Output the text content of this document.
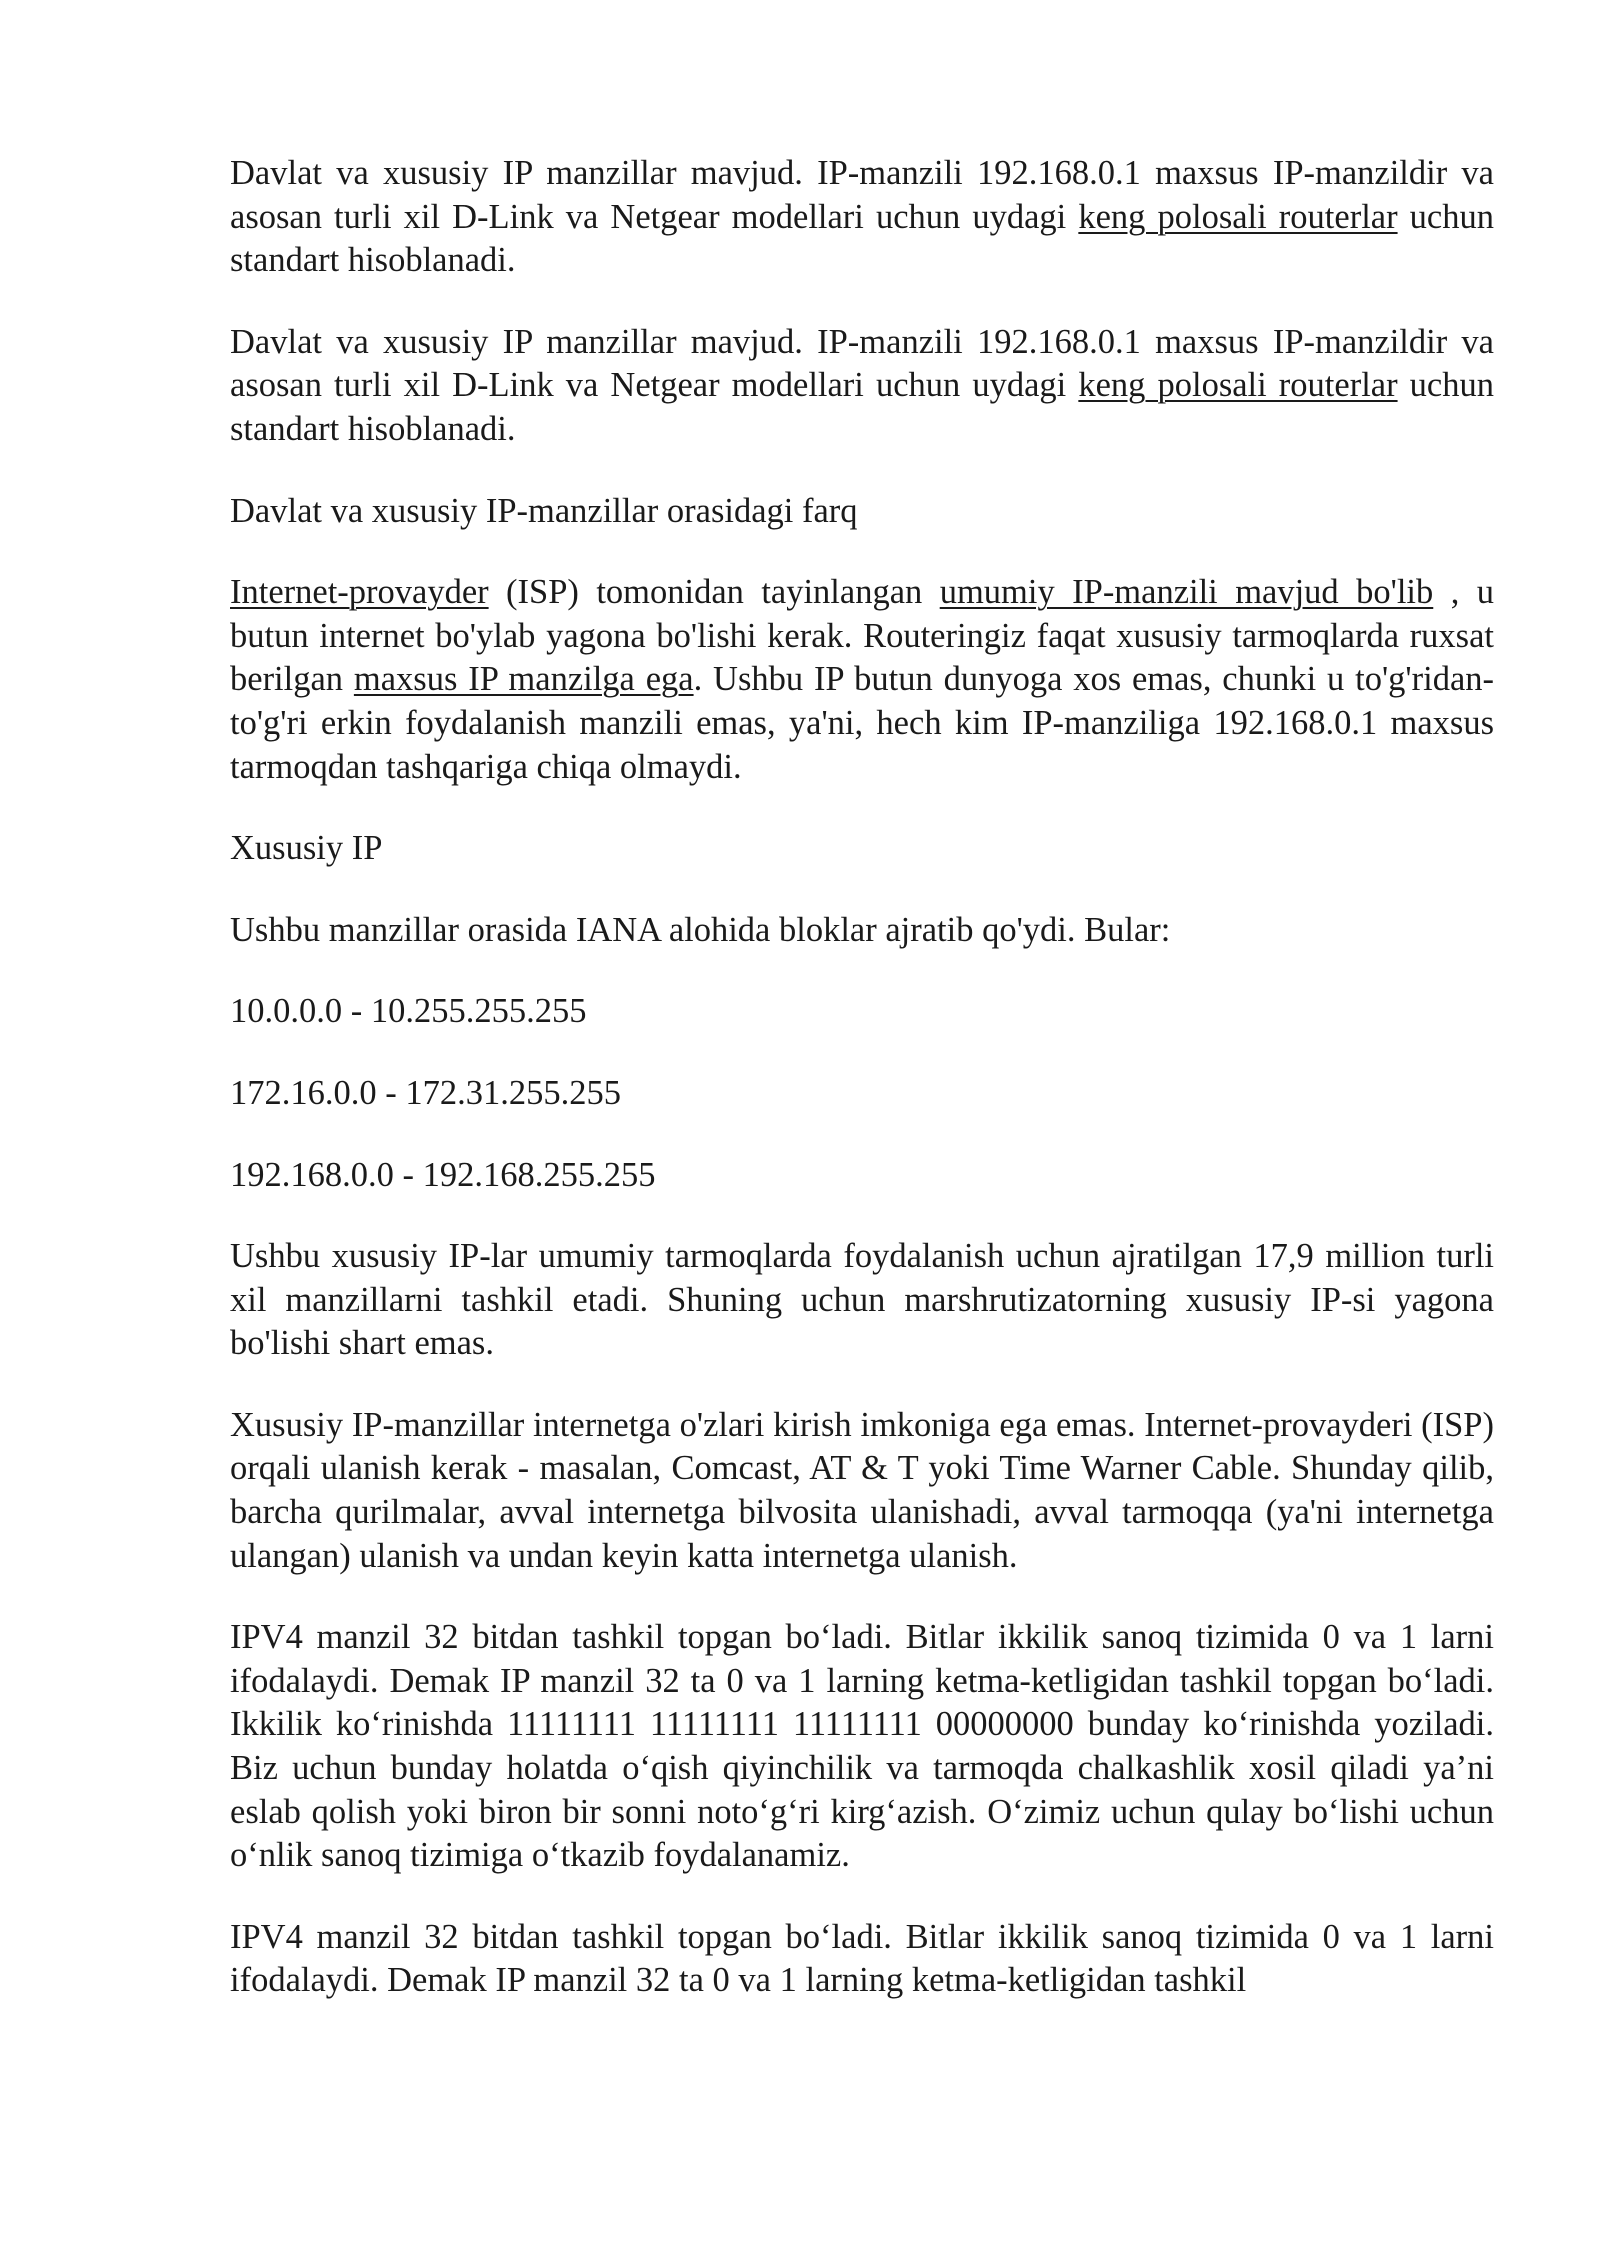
Davlat va xususiy IP manzillar mavjud. IP-manzili 192.168.0.1 maxsus IP-manzildir va asosan turli xil D-Link va Netgear modellari uchun uydagi keng polosali routerlar uchun standart hisoblanadi.

Davlat va xususiy IP manzillar mavjud. IP-manzili 192.168.0.1 maxsus IP-manzildir va asosan turli xil D-Link va Netgear modellari uchun uydagi keng polosali routerlar uchun standart hisoblanadi.

Davlat va xususiy IP-manzillar orasidagi farq

Internet-provayder (ISP) tomonidan tayinlangan umumiy IP-manzili mavjud bo'lib , u butun internet bo'ylab yagona bo'lishi kerak. Routeringiz faqat xususiy tarmoqlarda ruxsat berilgan maxsus IP manzilga ega. Ushbu IP butun dunyoga xos emas, chunki u to'g'ridan-to'g'ri erkin foydalanish manzili emas, ya'ni, hech kim IP-manziliga 192.168.0.1 maxsus tarmoqdan tashqariga chiqa olmaydi.

Xususiy IP

Ushbu manzillar orasida IANA alohida bloklar ajratib qo'ydi. Bular:

10.0.0.0 - 10.255.255.255

172.16.0.0 - 172.31.255.255

192.168.0.0 - 192.168.255.255

Ushbu xususiy IP-lar umumiy tarmoqlarda foydalanish uchun ajratilgan 17,9 million turli xil manzillarni tashkil etadi. Shuning uchun marshrutizatorning xususiy IP-si yagona bo'lishi shart emas.

Xususiy IP-manzillar internetga o'zlari kirish imkoniga ega emas. Internet-provayderi (ISP) orqali ulanish kerak - masalan, Comcast, AT & T yoki Time Warner Cable. Shunday qilib, barcha qurilmalar, avval internetga bilvosita ulanishadi, avval tarmoqqa (ya'ni internetga ulangan) ulanish va undan keyin katta internetga ulanish.

IPV4 manzil 32 bitdan tashkil topgan bo‘ladi. Bitlar ikkilik sanoq tizimida 0 va 1 larni ifodalaydi. Demak IP manzil 32 ta 0 va 1 larning ketma-ketligidan tashkil topgan bo‘ladi. Ikkilik ko‘rinishda 11111111 11111111 11111111 00000000 bunday ko‘rinishda yoziladi. Biz uchun bunday holatda o‘qish qiyinchilik va tarmoqda chalkashlik xosil qiladi ya’ni eslab qolish yoki biron bir sonni noto‘g‘ri kirg‘azish. O‘zimiz uchun qulay bo‘lishi uchun o‘nlik sanoq tizimiga o‘tkazib foydalanamiz.

IPV4 manzil 32 bitdan tashkil topgan bo‘ladi. Bitlar ikkilik sanoq tizimida 0 va 1 larni ifodalaydi. Demak IP manzil 32 ta 0 va 1 larning ketma-ketligidan tashkil
